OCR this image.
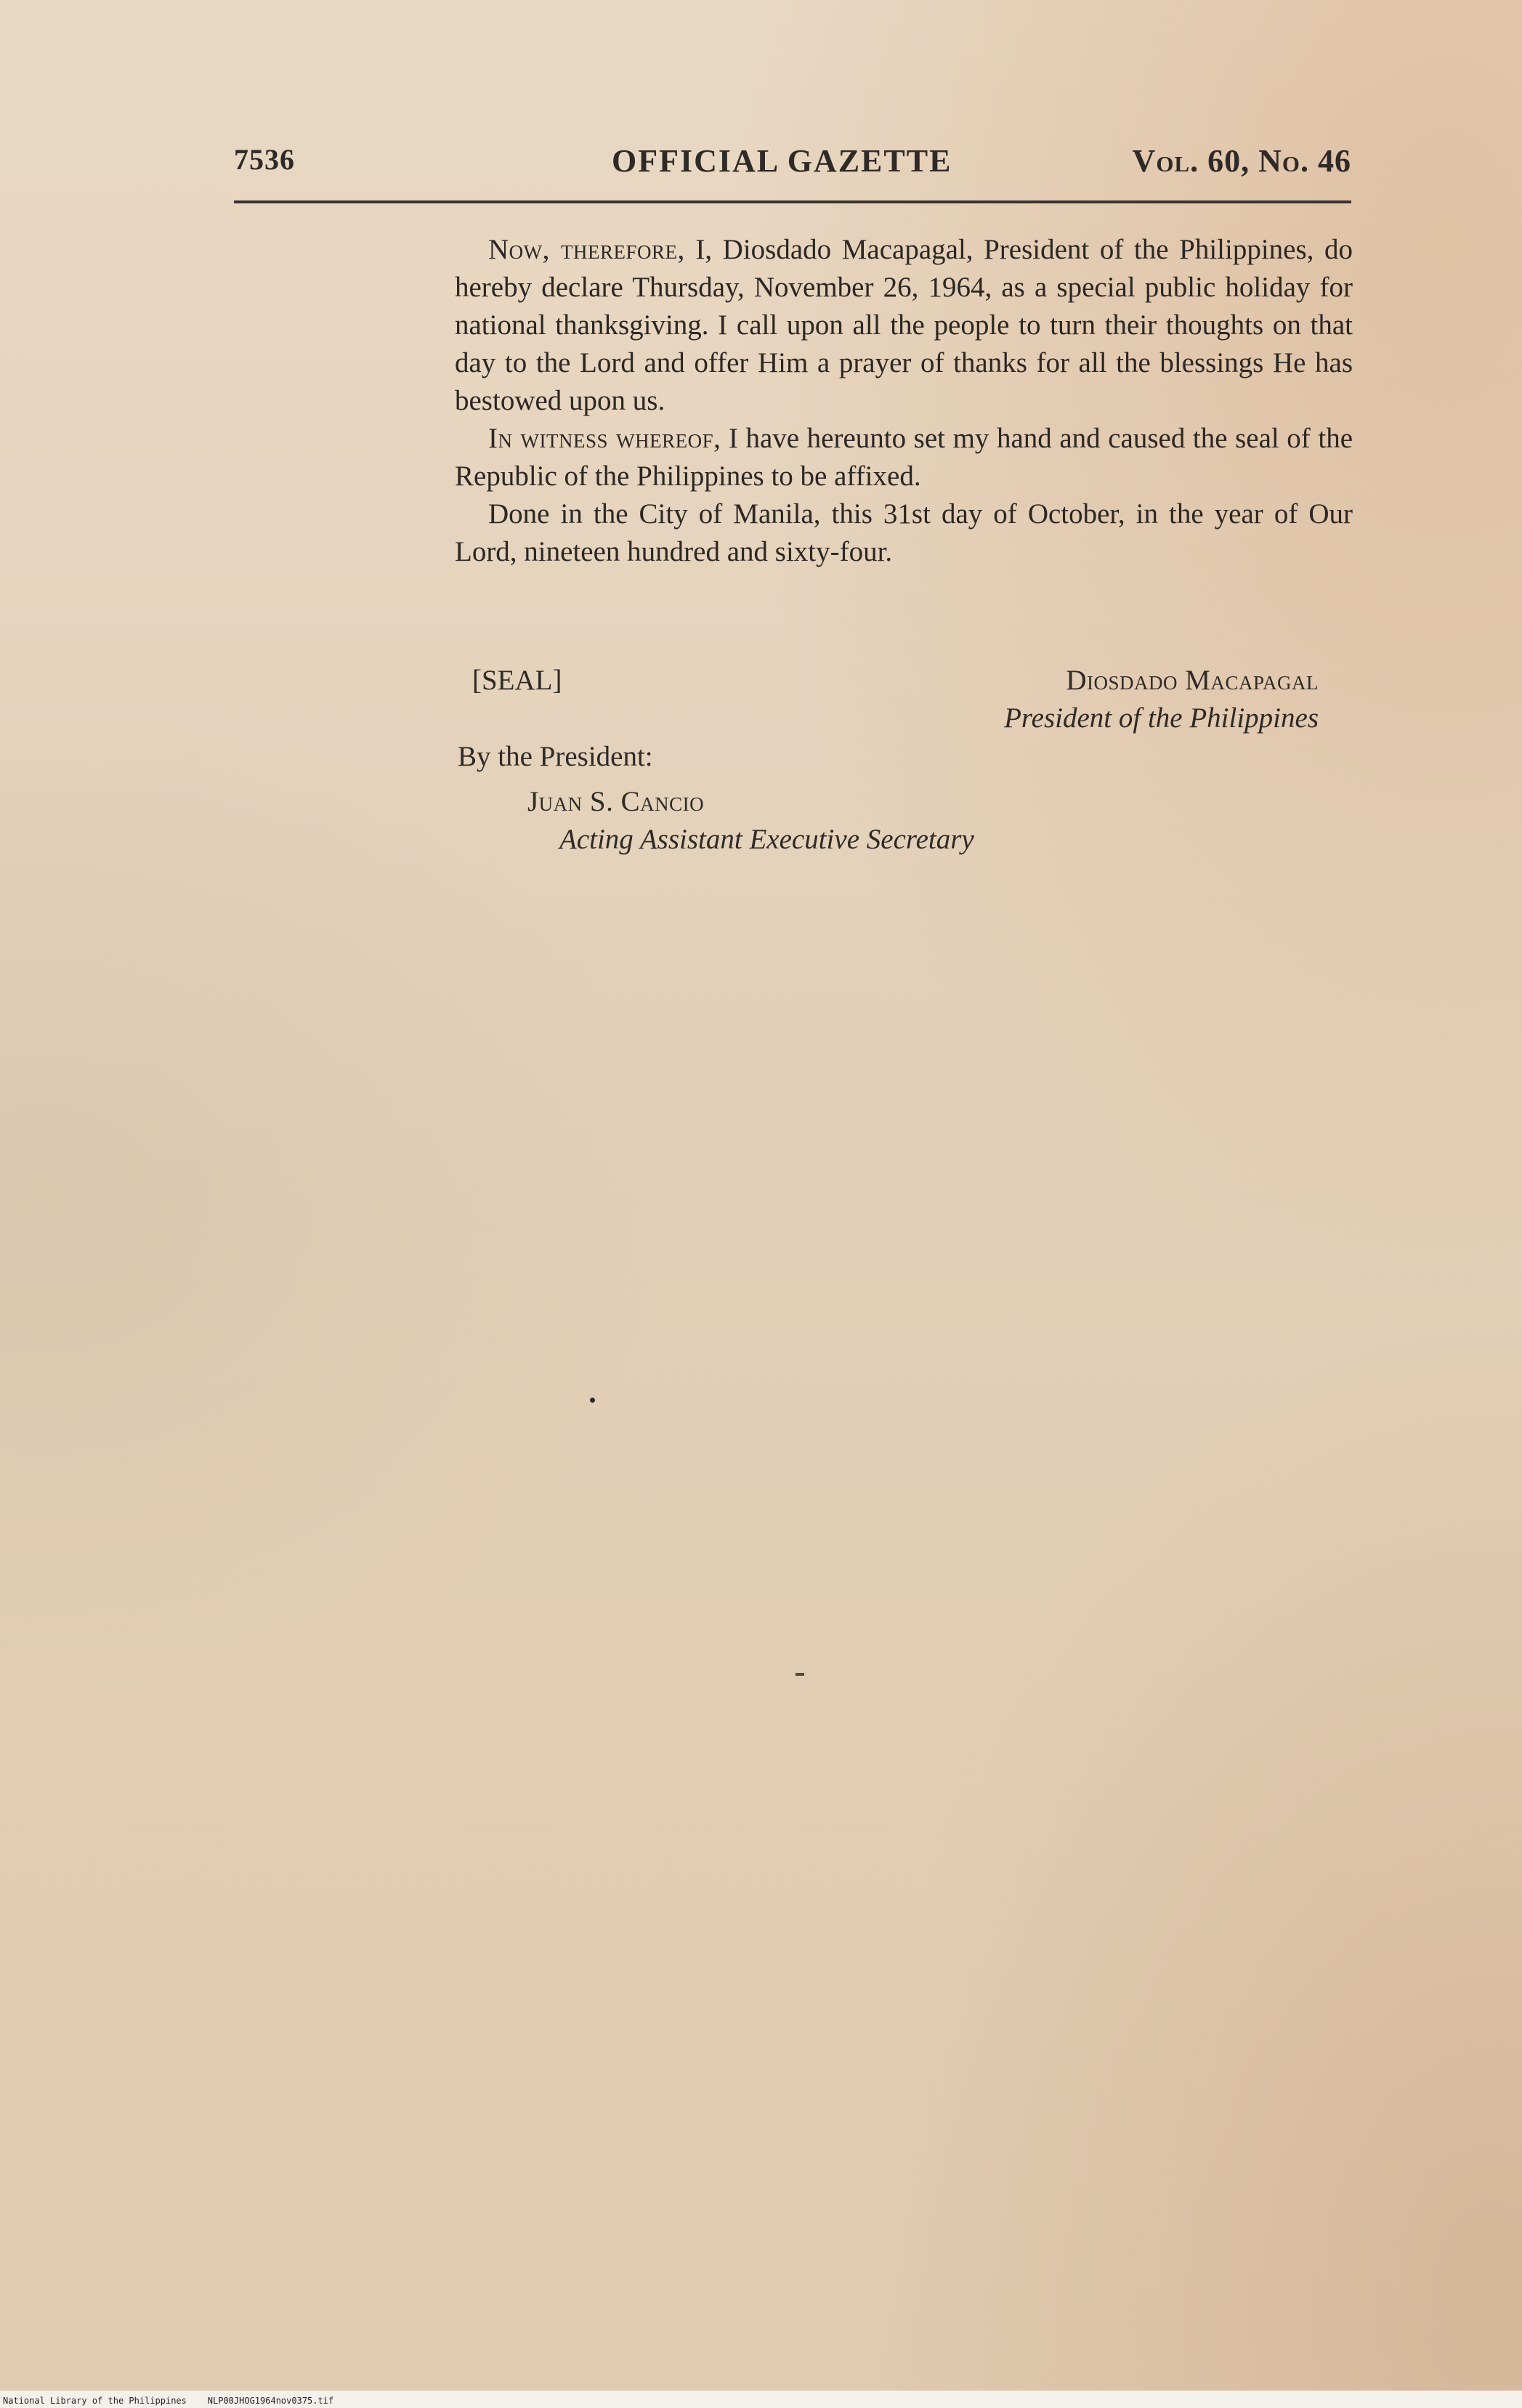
7536	OFFICIAL GAZETTE	Vol. 60, No. 46

Now, therefore, I, Diosdado Macapagal, President of the Philippines, do hereby declare Thursday, November 26, 1964, as a special public holiday for national thanksgiving. I call upon all the people to turn their thoughts on that day to the Lord and offer Him a prayer of thanks for all the blessings He has bestowed upon us.

In witness whereof, I have hereunto set my hand and caused the seal of the Republic of the Philippines to be affixed.

Done in the City of Manila, this 31st day of October, in the year of Our Lord, nineteen hundred and sixty-four.

[SEAL]	Diosdado Macapagal
President of the Philippines
By the President:
Juan S. Cancio
Acting Assistant Executive Secretary
National Library of the Philippines NLP00JHOG1964nov0375.tif
